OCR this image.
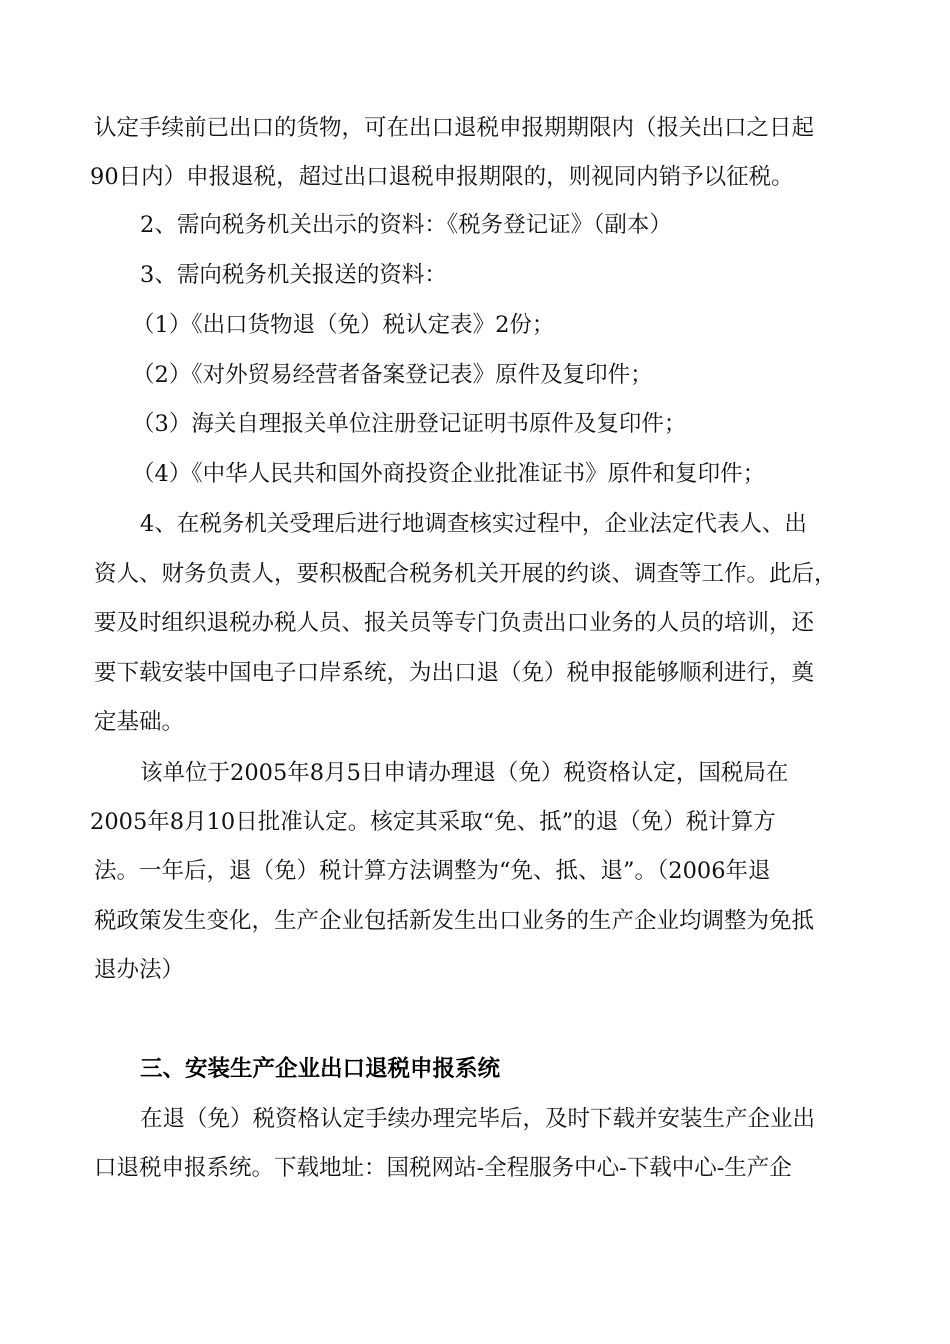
认定手续前已出口的货物，可在出口退税申报期期限内（报关出口之日起

90日内）申报退税，超过出口退税申报期限的，则视同内销予以征税。

2、需向税务机关出示的资料：《税务登记证》（副本）

3、需向税务机关报送的资料：

（1）《出口货物退（免）税认定表》2份；

（2）《对外贸易经营者备案登记表》原件及复印件；

（3）海关自理报关单位注册登记证明书原件及复印件；

（4）《中华人民共和国外商投资企业批准证书》原件和复印件；

4、在税务机关受理后进行地调查核实过程中，企业法定代表人、出

资人、财务负责人，要积极配合税务机关开展的约谈、调查等工作。此后，

要及时组织退税办税人员、报关员等专门负责出口业务的人员的培训，还

要下载安装中国电子口岸系统，为出口退（免）税申报能够顺利进行，奠

定基础。

该单位于2005年8月5日申请办理退（免）税资格认定，国税局在

2005年8月10日批准认定。核定其采取“免、抵”的退（免）税计算方

法。一年后，退（免）税计算方法调整为“免、抵、退”。（2006年退

税政策发生变化，生产企业包括新发生出口业务的生产企业均调整为免抵

退办法）

三、安装生产企业出口退税申报系统

在退（免）税资格认定手续办理完毕后，及时下载并安装生产企业出

口退税申报系统。下载地址：国税网站-全程服务中心-下载中心-生产企
